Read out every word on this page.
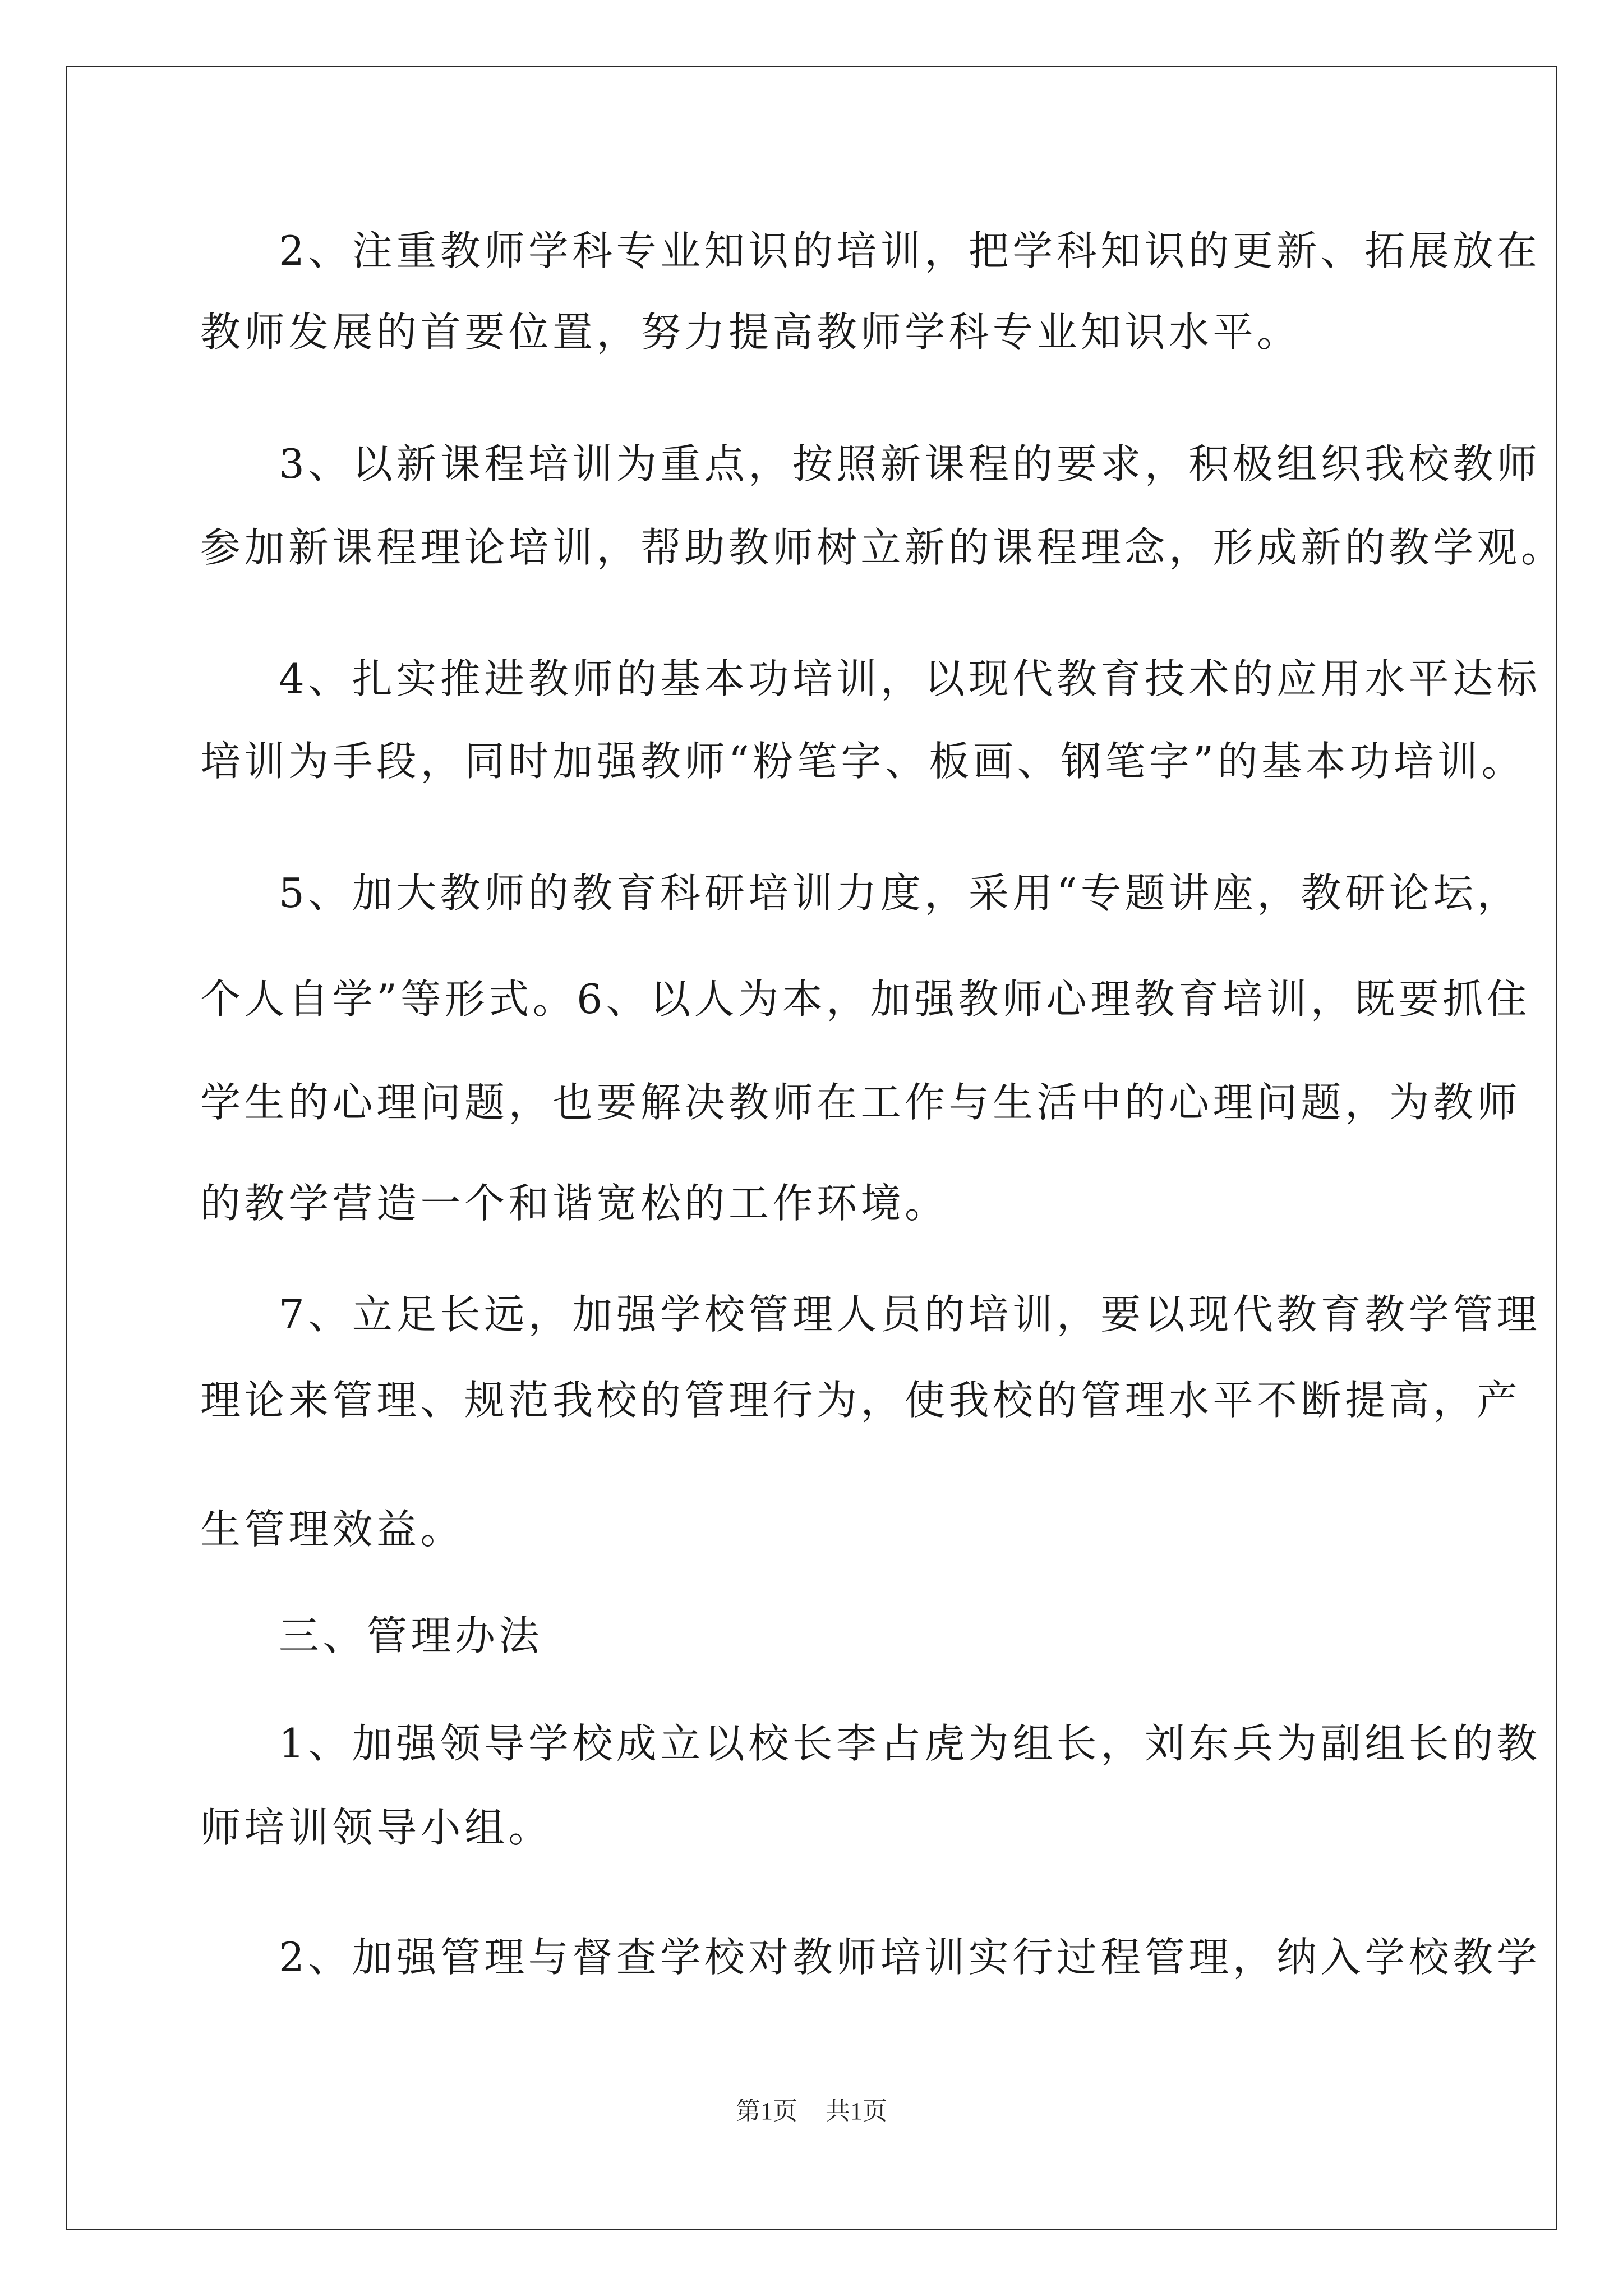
2、注重教师学科专业知识的培训，把学科知识的更新、拓展放在
教师发展的首要位置，努力提高教师学科专业知识水平。
3、以新课程培训为重点，按照新课程的要求，积极组织我校教师
参加新课程理论培训，帮助教师树立新的课程理念，形成新的教学观。
4、扎实推进教师的基本功培训，以现代教育技术的应用水平达标
培训为手段，同时加强教师“粉笔字、板画、钢笔字”的基本功培训。
5、加大教师的教育科研培训力度，采用“专题讲座，教研论坛，
个人自学”等形式。6、以人为本，加强教师心理教育培训，既要抓住
学生的心理问题，也要解决教师在工作与生活中的心理问题，为教师
的教学营造一个和谐宽松的工作环境。
7、立足长远，加强学校管理人员的培训，要以现代教育教学管理
理论来管理、规范我校的管理行为，使我校的管理水平不断提高，产
生管理效益。
三、管理办法
1、加强领导学校成立以校长李占虎为组长，刘东兵为副组长的教
师培训领导小组。
2、加强管理与督查学校对教师培训实行过程管理，纳入学校教学
第1页 共1页
